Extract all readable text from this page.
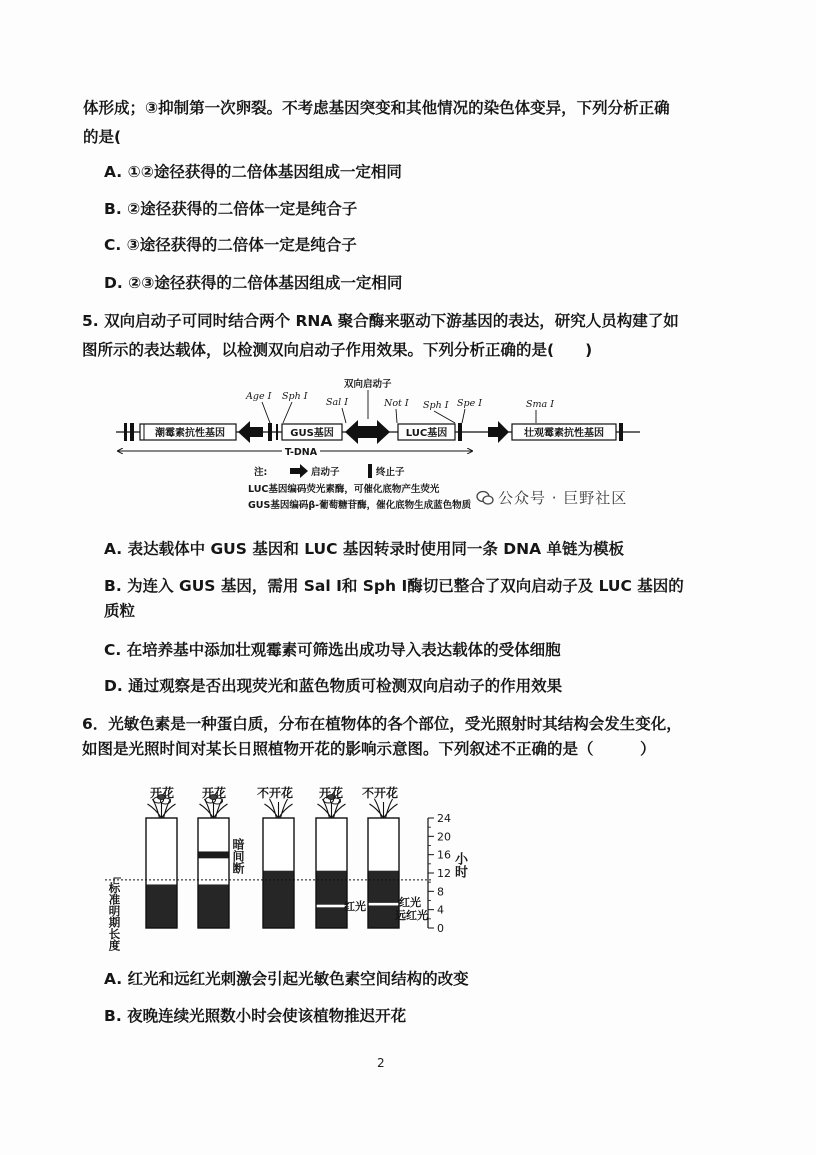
体形成；③抑制第一次卵裂。不考虑基因突变和其他情况的染色体变异，下列分析正确
的是(
A. ①②途径获得的二倍体基因组成一定相同
B. ②途径获得的二倍体一定是纯合子
C. ③途径获得的二倍体一定是纯合子
D. ②③途径获得的二倍体基因组成一定相同
5. 双向启动子可同时结合两个 RNA 聚合酶来驱动下游基因的表达，研究人员构建了如
图所示的表达载体，以检测双向启动子作用效果。下列分析正确的是(　　)
潮霉素抗性基因	GUS基因	LUC基因	壮观霉素抗性基因
Age I Sph I
双向启动子
Sal I	Not I Sph I Spe I	Sma I
T-DNA
注:	启动子	终止子
LUC基因编码荧光素酶，可催化底物产生荧光
GUS基因编码β-葡萄糖苷酶，催化底物生成蓝色物质 公众号 · 巨野社区
A. 表达载体中 GUS 基因和 LUC 基因转录时使用同一条 DNA 单链为模板
B. 为连入 GUS 基因，需用 Sal Ⅰ和 Sph Ⅰ酶切已整合了双向启动子及 LUC 基因的
质粒
C. 在培养基中添加壮观霉素可筛选出成功导入表达载体的受体细胞
D. 通过观察是否出现荧光和蓝色物质可检测双向启动子的作用效果
6．光敏色素是一种蛋白质，分布在植物体的各个部位，受光照射时其结构会发生变化，
如图是光照时间对某长日照植物开花的影响示意图。下列叙述不正确的是（　　　）
24
20
16
12
8
4
0
开花 开花	不开花 开花 不开花
标准明期长度
暗间断
红光	红光
远红光
小时
A. 红光和远红光刺激会引起光敏色素空间结构的改变
B. 夜晚连续光照数小时会使该植物推迟开花
2
